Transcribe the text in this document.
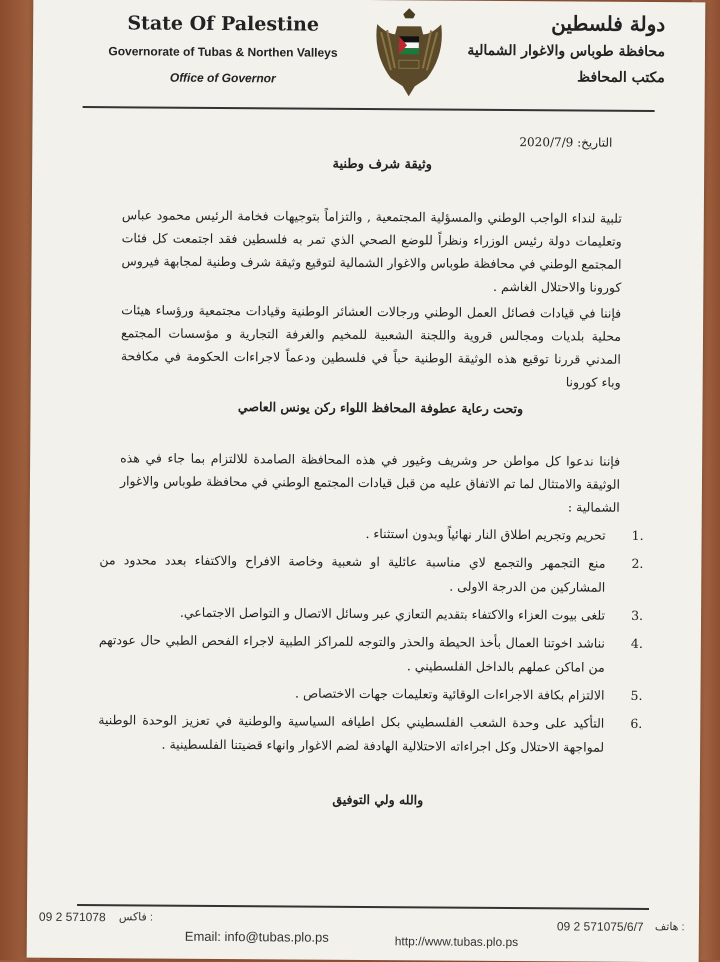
State Of Palestine
Governorate of Tubas & Northen Valleys
Office of Governor
دولة فلسطين
محافظة طوباس والاغوار الشمالية
مكتب المحافظ
التاريخ: 2020/7/9
وثيقة شرف وطنية
تلبية لنداء الواجب الوطني والمسؤلية المجتمعية , والتزاماً بتوجيهات فخامة الرئيس محمود عباس وتعليمات دولة رئيس الوزراء ونظراً للوضع الصحي الذي تمر به فلسطين فقد اجتمعت كل فئات المجتمع الوطني في محافظة طوباس والاغوار الشمالية لتوقيع وثيقة شرف وطنية لمجابهة فيروس كورونا والاحتلال الغاشم .
فإننا في قيادات فصائل العمل الوطني ورجالات العشائر الوطنية وقيادات مجتمعية ورؤساء هيئات محلية بلديات ومجالس قروية واللجنة الشعبية للمخيم والغرفة التجارية و مؤسسات المجتمع المدني قررنا توقيع هذه الوثيقة الوطنية حباً في فلسطين ودعماً لاجراءات الحكومة في مكافحة وباء كورونا
وتحت رعاية عطوفة المحافظ اللواء ركن يونس العاصي
فإننا ندعوا كل مواطن حر وشريف وغيور في هذه المحافظة الصامدة للالتزام بما جاء في هذه الوثيقة والامتثال لما تم الاتفاق عليه من قبل قيادات المجتمع الوطني في محافظة طوباس والاغوار الشمالية :
1.
تحريم وتجريم اطلاق النار نهائياً وبدون استثناء .
2.
منع التجمهر والتجمع لاي مناسبة عائلية او شعبية وخاصة الافراح والاكتفاء بعدد محدود من المشاركين من الدرجة الاولى .
3.
تلغى بيوت العزاء والاكتفاء بتقديم التعازي عبر وسائل الاتصال و التواصل الاجتماعي.
4.
نناشد اخوتنا العمال بأخذ الحيطة والحذر والتوجه للمراكز الطبية لاجراء الفحص الطبي حال عودتهم من اماكن عملهم بالداخل الفلسطيني .
5.
الالتزام بكافة الاجراءات الوقائية وتعليمات جهات الاختصاص .
6.
التأكيد على وحدة الشعب الفلسطيني بكل اطيافه السياسية والوطنية في تعزيز الوحدة الوطنية لمواجهة الاحتلال وكل اجراءاته الاحتلالية الهادفة لضم الاغوار وانهاء قضيتنا الفلسطينية .
والله ولي التوفيق
09 2 571078 : فاكس
09 2 571075/6/7 : هاتف
Email: info@tubas.plo.ps	http://www.tubas.plo.ps
